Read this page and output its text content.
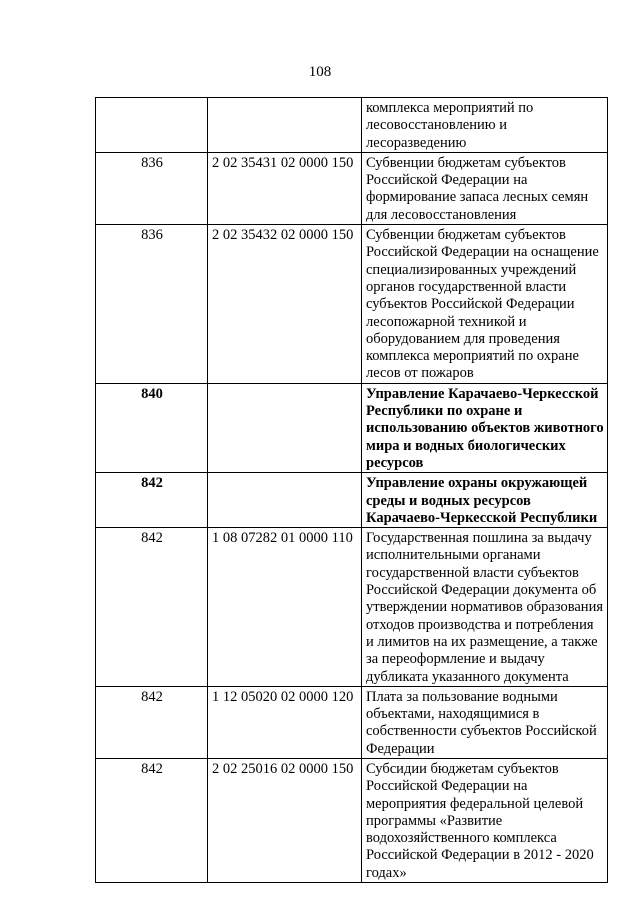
108
		комплекса мероприятий по лесовосстановлению и лесоразведению
836	2 02 35431 02 0000 150	Субвенции бюджетам субъектов Российской Федерации на формирование запаса лесных семян для лесовосстановления
836	2 02 35432 02 0000 150	Субвенции бюджетам субъектов Российской Федерации на оснащение специализированных учреждений органов государственной власти субъектов Российской Федерации лесопожарной техникой и оборудованием для проведения комплекса мероприятий по охране лесов от пожаров
840		Управление Карачаево-Черкесской Республики по охране и использованию объектов животного мира и водных биологических ресурсов
842		Управление охраны окружающей среды и водных ресурсов Карачаево-Черкесской Республики
842	1 08 07282 01 0000 110	Государственная пошлина за выдачу исполнительными органами государственной власти субъектов Российской Федерации документа об утверждении нормативов образования отходов производства и потребления и лимитов на их размещение, а также за переоформление и выдачу дубликата указанного документа
842	1 12 05020 02 0000 120	Плата за пользование водными объектами, находящимися в собственности субъектов Российской Федерации
842	2 02 25016 02 0000 150	Субсидии бюджетам субъектов Российской Федерации на мероприятия федеральной целевой программы «Развитие водохозяйственного комплекса Российской Федерации в 2012 - 2020 годах»
